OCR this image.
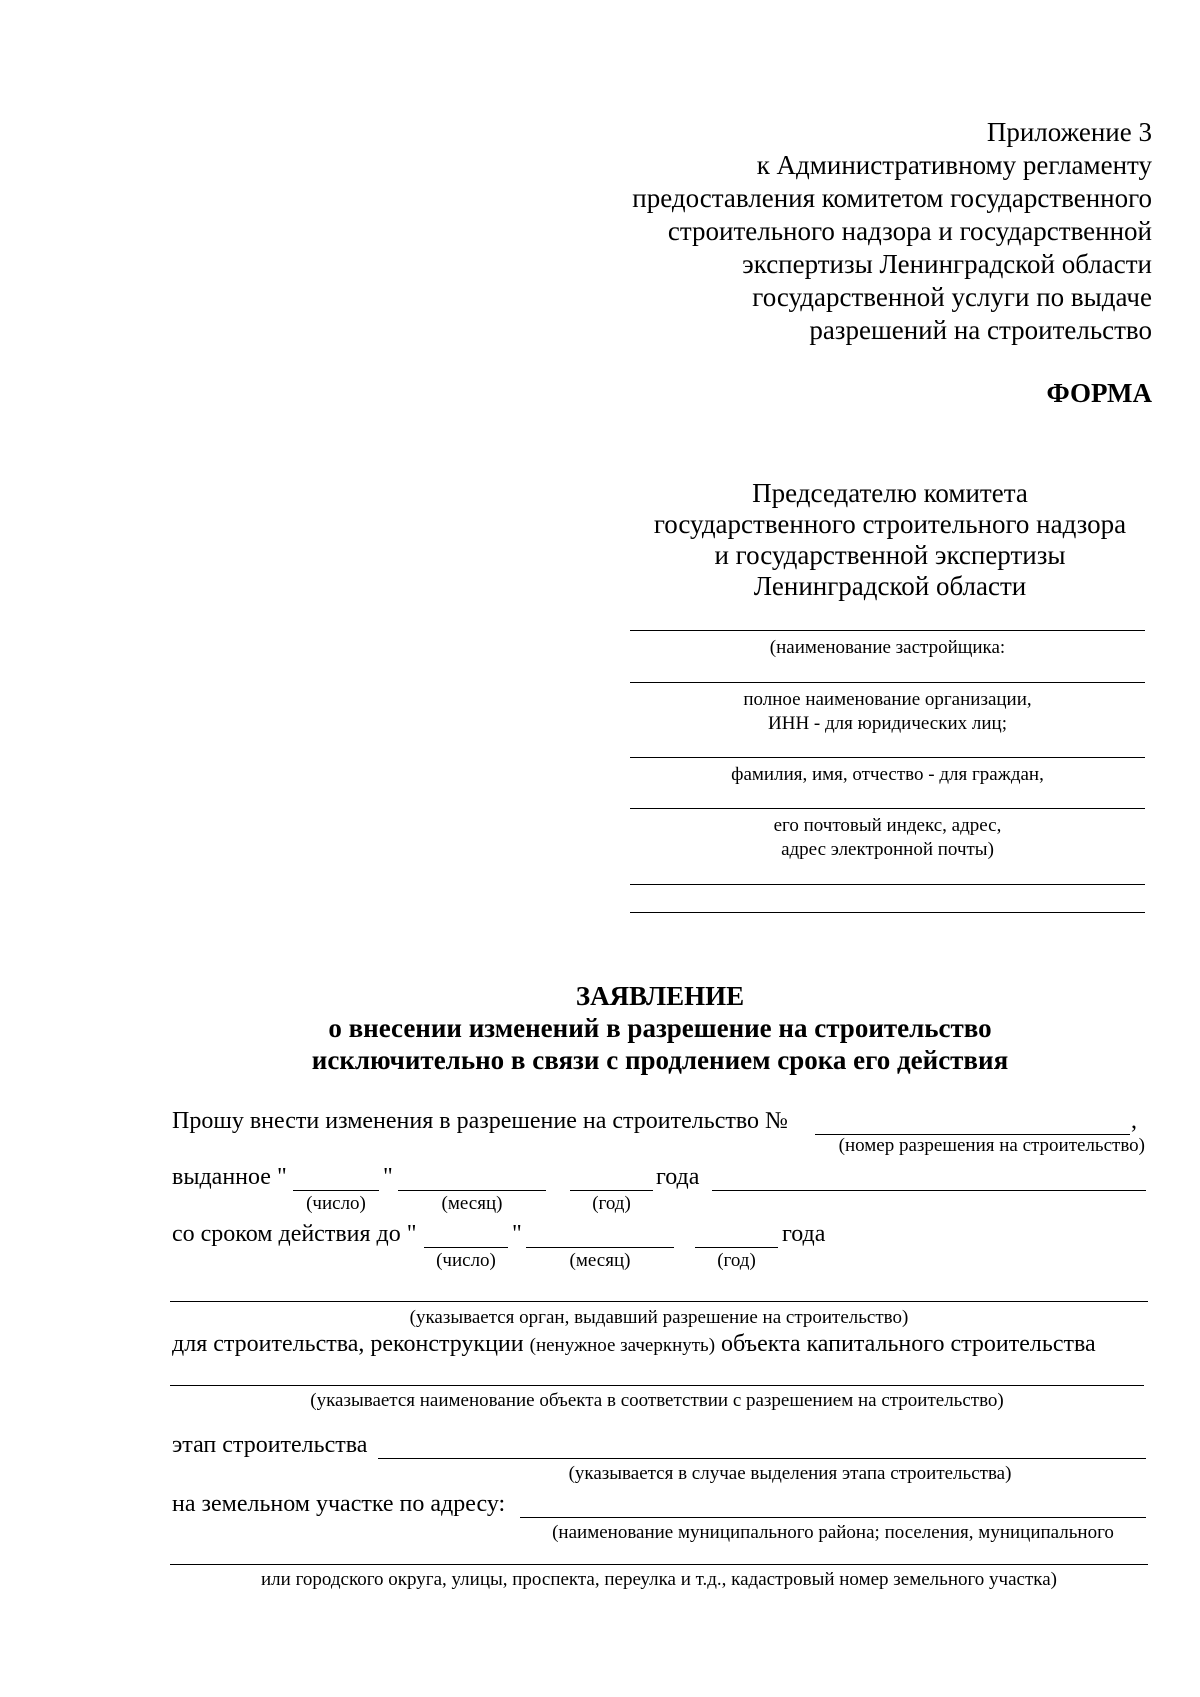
Приложение 3
к Административному регламенту
предоставления комитетом государственного
строительного надзора и государственной
экспертизы Ленинградской области
государственной услуги по выдаче
разрешений на строительство
ФОРМА
Председателю комитета
государственного строительного надзора
и государственной экспертизы
Ленинградской области
(наименование застройщика:
полное наименование организации,
ИНН - для юридических лиц;
фамилия, имя, отчество - для граждан,
его почтовый индекс, адрес,
адрес электронной почты)
ЗАЯВЛЕНИЕ
о внесении изменений в разрешение на строительство
исключительно в связи с продлением срока его действия
Прошу внести изменения в разрешение на строительство №	,
(номер разрешения на строительство)
выданное "	"	года
(число)	(месяц)	(год)
со сроком действия до "	"	года
(число)	(месяц)	(год)
(указывается орган, выдавший разрешение на строительство)
для строительства, реконструкции (ненужное зачеркнуть) объекта капитального строительства
(указывается наименование объекта в соответствии с разрешением на строительство)
этап строительства
(указывается в случае выделения этапа строительства)
на земельном участке по адресу:
(наименование муниципального района; поселения, муниципального
или городского округа, улицы, проспекта, переулка и т.д., кадастровый номер земельного участка)
